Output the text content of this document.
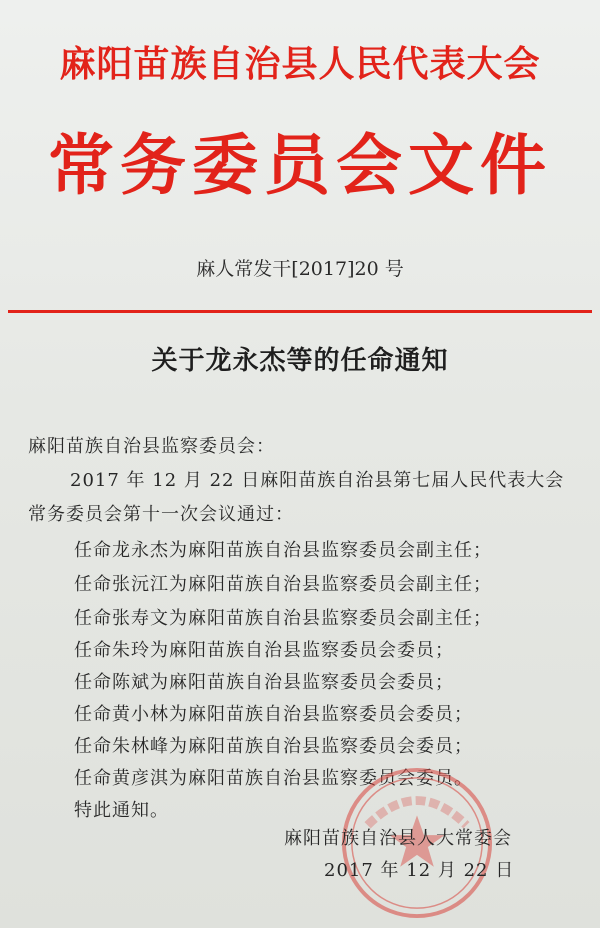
麻阳苗族自治县人民代表大会
常务委员会文件
麻人常发干[2017]20 号
关于龙永杰等的任命通知
麻阳苗族自治县监察委员会：
2017 年 12 月 22 日麻阳苗族自治县第七届人民代表大会
常务委员会第十一次会议通过：
任命龙永杰为麻阳苗族自治县监察委员会副主任；
任命张沅江为麻阳苗族自治县监察委员会副主任；
任命张寿文为麻阳苗族自治县监察委员会副主任；
任命朱玲为麻阳苗族自治县监察委员会委员；
任命陈斌为麻阳苗族自治县监察委员会委员；
任命黄小林为麻阳苗族自治县监察委员会委员；
任命朱林峰为麻阳苗族自治县监察委员会委员；
任命黄彦淇为麻阳苗族自治县监察委员会委员。
特此通知。
麻阳苗族自治县人大常委会
2017 年 12 月 22 日
